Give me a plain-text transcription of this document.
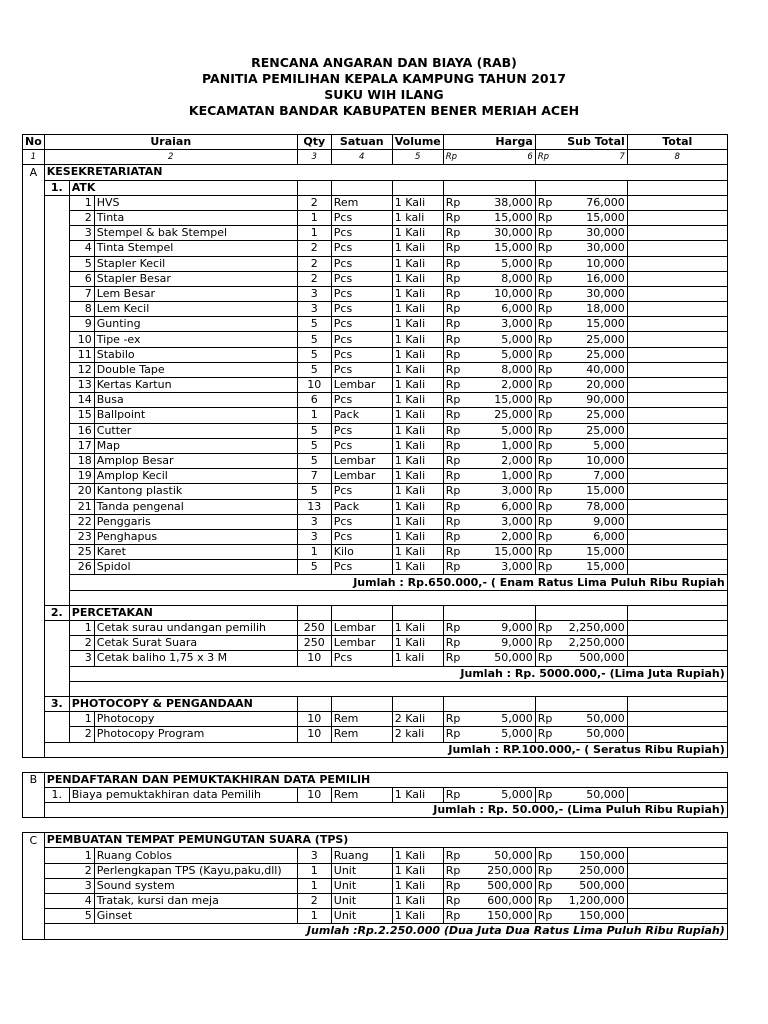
RENCANA ANGARAN DAN BIAYA (RAB)
PANITIA PEMILIHAN KEPALA KAMPUNG TAHUN 2017
SUKU WIH ILANG
KECAMATAN BANDAR KABUPATEN BENER MERIAH ACEH
No	Uraian			Qty	Satuan	Volume	Harga	Sub Total	Total
1	2			3	4	5	Rp 6	Rp 7	8
A	KESEKRETARIATAN								
	1.	ATK							
		1	HVS	2	Rem	1 Kali	Rp 38,000	Rp 76,000	

		2	Tinta	1	Pcs	1 kali	Rp 15,000	Rp 15,000	

		3	Stempel & bak Stempel	1	Pcs	1 Kali	Rp 30,000	Rp 30,000	

		4	Tinta Stempel	2	Pcs	1 Kali	Rp 15,000	Rp 30,000	

		5	Stapler Kecil	2	Pcs	1 Kali	Rp 5,000	Rp 10,000	

		6	Stapler Besar	2	Pcs	1 Kali	Rp 8,000	Rp 16,000	

		7	Lem Besar	3	Pcs	1 Kali	Rp 10,000	Rp 30,000	

		8	Lem Kecil	3	Pcs	1 Kali	Rp 6,000	Rp 18,000	

		9	Gunting	5	Pcs	1 Kali	Rp 3,000	Rp 15,000	

		10	Tipe -ex	5	Pcs	1 Kali	Rp 5,000	Rp 25,000	

		11	Stabilo	5	Pcs	1 Kali	Rp 5,000	Rp 25,000	

		12	Double Tape	5	Pcs	1 Kali	Rp 8,000	Rp 40,000	

		13	Kertas Kartun	10	Lembar	1 Kali	Rp 2,000	Rp 20,000	

		14	Busa	6	Pcs	1 Kali	Rp 15,000	Rp 90,000	

		15	Ballpoint	1	Pack	1 Kali	Rp 25,000	Rp 25,000	

		16	Cutter	5	Pcs	1 Kali	Rp 5,000	Rp 25,000	

		17	Map	5	Pcs	1 Kali	Rp 1,000	Rp 5,000	

		18	Amplop Besar	5	Lembar	1 Kali	Rp 2,000	Rp 10,000	

		19	Amplop Kecil	7	Lembar	1 Kali	Rp 1,000	Rp 7,000	

		20	Kantong plastik	5	Pcs	1 Kali	Rp 3,000	Rp 15,000	

		21	Tanda pengenal	13	Pack	1 Kali	Rp 6,000	Rp 78,000	

		22	Penggaris	3	Pcs	1 Kali	Rp 3,000	Rp 9,000	

		23	Penghapus	3	Pcs	1 Kali	Rp 2,000	Rp 6,000	

		25	Karet	1	Kilo	1 Kali	Rp 15,000	Rp 15,000	

		26	Spidol	5	Pcs	1 Kali	Rp 3,000	Rp 15,000	

		Jumlah : Rp.650.000,- ( Enam Ratus Lima Puluh Ribu Rupiah							

	2.	PERCETAKAN							
		1	Cetak surau undangan pemilih	250	Lembar	1 Kali	Rp 9,000	Rp 2,250,000	

		2	Cetak Surat Suara	250	Lembar	1 Kali	Rp 9,000	Rp 2,250,000	

		3	Cetak baliho 1,75 x 3 M	10	Pcs	1 kali	Rp 50,000	Rp 500,000	

		Jumlah : Rp. 5000.000,- (Lima Juta Rupiah)							

	3.	PHOTOCOPY & PENGANDAAN							
		1	Photocopy	10	Rem	2 Kali	Rp 5,000	Rp 50,000	

		2	Photocopy Program	10	Rem	2 kali	Rp 5,000	Rp 50,000	

	Jumlah : RP.100.000,- ( Seratus Ribu Rupiah)								

B	PENDAFTARAN DAN PEMUKTAKHIRAN DATA PEMILIH								
	1.	Biaya pemuktakhiran data Pemilih		10	Rem	1 Kali	Rp 5,000	Rp 50,000	

	Jumlah : Rp. 50.000,- (Lima Puluh Ribu Rupiah)								

C	PEMBUATAN TEMPAT PEMUNGUTAN SUARA (TPS)								
	1		Ruang Coblos	3	Ruang	1 Kali	Rp 50,000	Rp 150,000	

	2		Perlengkapan TPS (Kayu,paku,dll)	1	Unit	1 Kali	Rp 250,000	Rp 250,000	

	3		Sound system	1	Unit	1 Kali	Rp 500,000	Rp 500,000	

	4		Tratak, kursi dan meja	2	Unit	1 Kali	Rp 600,000	Rp 1,200,000	

	5		Ginset	1	Unit	1 Kali	Rp 150,000	Rp 150,000	

	Jumlah :Rp.2.250.000 (Dua Juta Dua Ratus Lima Puluh Ribu Rupiah)								
